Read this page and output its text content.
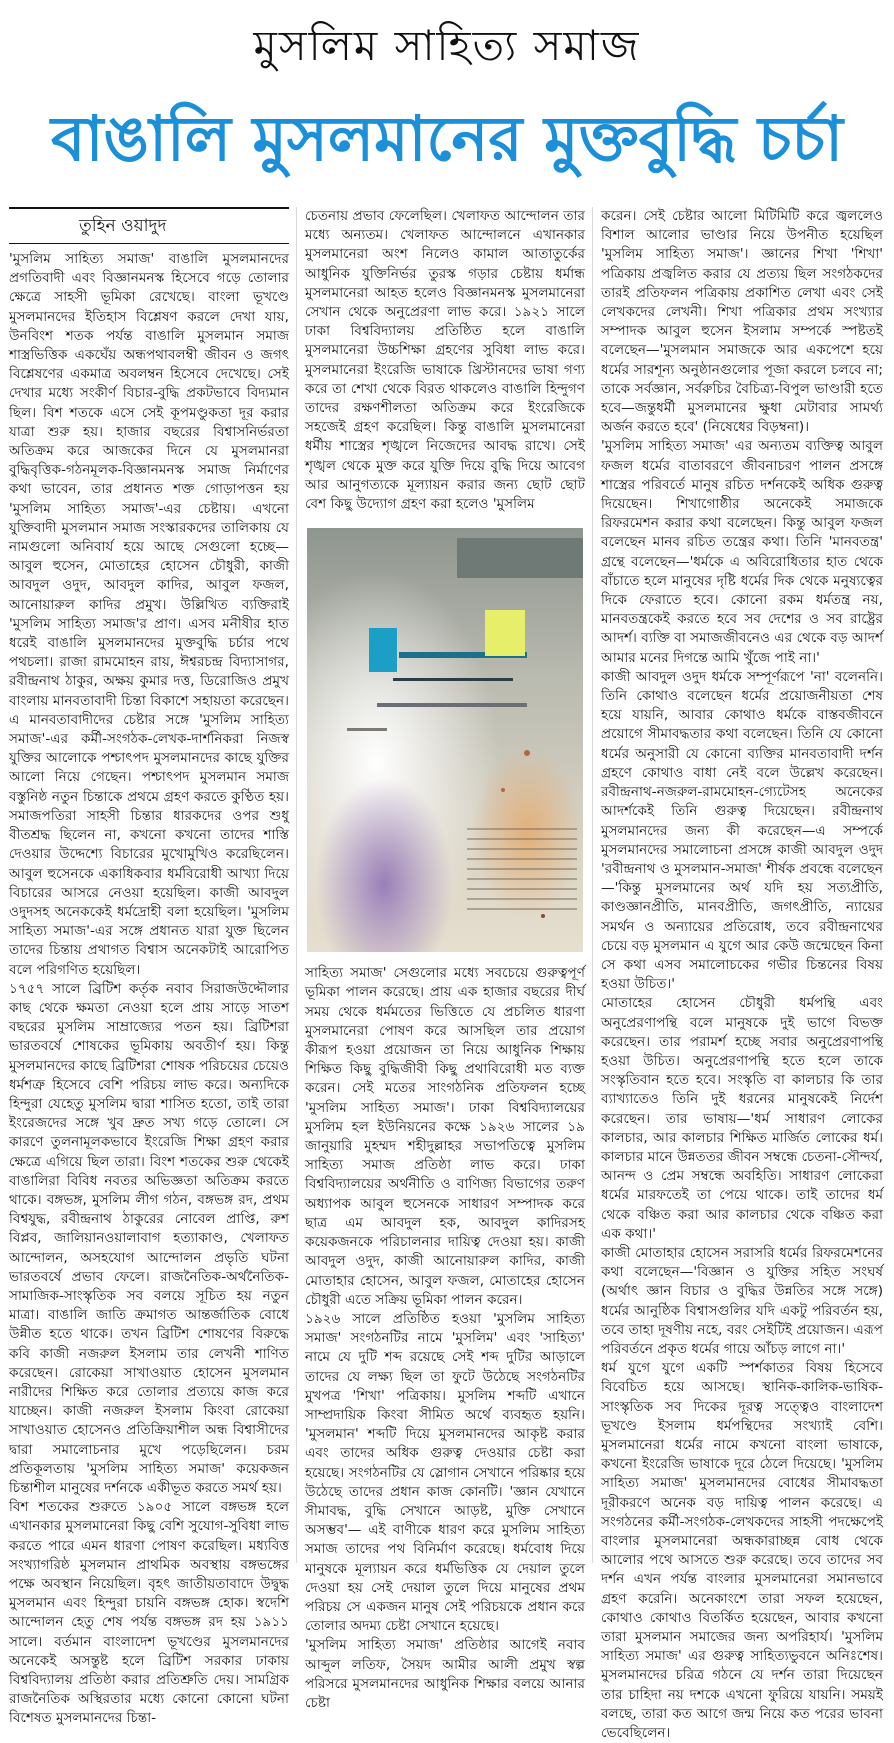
মুসলিম সাহিত্য সমাজ
বাঙালি মুসলমানের মুক্তবুদ্ধি চর্চা
তুহিন ওয়াদুদ

'মুসলিম সাহিত্য সমাজ' বাঙালি মুসলমানদের প্রগতিবাদী এবং বিজ্ঞানমনস্ক হিসেবে গড়ে তোলার ক্ষেত্রে সাহসী ভূমিকা রেখেছে। বাংলা ভূখণ্ডে মুসলমানদের ইতিহাস বিশ্লেষণ করলে দেখা যায়, উনবিংশ শতক পর্যন্ত বাঙালি মুসলমান সমাজ শাস্ত্রভিত্তিক একঘেঁয় অন্ধপথাবলম্বী জীবন ও জগৎ বিশ্লেষণের একমাত্র অবলম্বন হিসেবে দেখেছে। সেই দেখার মধ্যে সংকীর্ণ বিচার-বুদ্ধি প্রকটভাবে বিদ্যমান ছিল। বিশ শতকে এসে সেই কূপমণ্ডুকতা দূর করার যাত্রা শুরু হয়। হাজার বছরের বিশ্বাসনির্ভরতা অতিক্রম করে আজকের দিনে যে মুসলমানরা বুদ্ধিবৃত্তিক-গঠনমূলক-বিজ্ঞানমনস্ক সমাজ নির্মাণের কথা ভাবেন, তার প্রধানত শক্ত গোড়াপত্তন হয় 'মুসলিম সাহিত্য সমাজ'-এর চেষ্টায়। এখনো যুক্তিবাদী মুসলমান সমাজ সংস্কারকদের তালিকায় যে নামগুলো অনিবার্য হয়ে আছে সেগুলো হচ্ছে— আবুল হুসেন, মোতাহের হোসেন চৌধুরী, কাজী আবদুল ওদুদ, আবদুল কাদির, আবুল ফজল, আনোয়ারুল কাদির প্রমুখ। উল্লিখিত ব্যক্তিরাই 'মুসলিম সাহিত্য সমাজ'র প্রাণ। এসব মনীষীর হাত ধরেই বাঙালি মুসলমানদের মুক্তবুদ্ধি চর্চার পথে পথচলা। রাজা রামমোহন রায়, ঈশ্বরচন্দ্র বিদ্যাসাগর, রবীন্দ্রনাথ ঠাকুর, অক্ষয় কুমার দত্ত, ডিরোজিও প্রমুখ বাংলায় মানবতাবাদী চিন্তা বিকাশে সহায়তা করেছেন। এ মানবতাবাদীদের চেষ্টার সঙ্গে 'মুসলিম সাহিত্য সমাজ'-এর কর্মী-সংগঠক-লেখক-দার্শনিকরা নিজস্ব যুক্তির আলোকে পশ্চাৎপদ মুসলমানদের কাছে যুক্তির আলো নিয়ে গেছেন। পশ্চাৎপদ মুসলমান সমাজ বস্তুনিষ্ঠ নতুন চিন্তাকে প্রথমে গ্রহণ করতে কুণ্ঠিত হয়। সমাজপতিরা সাহসী চিন্তার ধারকদের ওপর শুধু বীতশ্রদ্ধ ছিলেন না, কখনো কখনো তাদের শাস্তি দেওয়ার উদ্দেশ্যে বিচারের মুখোমুখিও করেছিলেন। আবুল হুসেনকে একাধিকবার ধর্মবিরোধী আখ্যা দিয়ে বিচারের আসরে নেওয়া হয়েছিল। কাজী আবদুল ওদুদসহ অনেককেই ধর্মদ্রোহী বলা হয়েছিল। 'মুসলিম সাহিত্য সমাজ'-এর সঙ্গে প্রধানত যারা যুক্ত ছিলেন তাদের চিন্তায় প্রথাগত বিশ্বাস অনেকটাই আরোপিত বলে পরিগণিত হয়েছিল।

১৭৫৭ সালে ব্রিটিশ কর্তৃক নবাব সিরাজউদ্দৌলার কাছ থেকে ক্ষমতা নেওয়া হলে প্রায় সাড়ে সাতশ বছরের মুসলিম সাম্রাজ্যের পতন হয়। ব্রিটিশরা ভারতবর্ষে শোষকের ভূমিকায় অবতীর্ণ হয়। কিন্তু মুসলমানদের কাছে ব্রিটিশরা শোষক পরিচয়ের চেয়েও ধর্মশত্রু হিসেবে বেশি পরিচয় লাভ করে। অন্যদিকে হিন্দুরা যেহেতু মুসলিম দ্বারা শাসিত হতো, তাই তারা ইংরেজদের সঙ্গে খুব দ্রুত সখ্য গড়ে তোলে। সে কারণে তুলনামূলকভাবে ইংরেজি শিক্ষা গ্রহণ করার ক্ষেত্রে এগিয়ে ছিল তারা। বিংশ শতকের শুরু থেকেই বাঙালিরা বিবিধ নবতর অভিজ্ঞতা অতিক্রম করতে থাকে। বঙ্গভঙ্গ, মুসলিম লীগ গঠন, বঙ্গভঙ্গ রদ, প্রথম বিশ্বযুদ্ধ, রবীন্দ্রনাথ ঠাকুরের নোবেল প্রাপ্তি, রুশ বিপ্লব, জালিয়ানওয়ালাবাগ হত্যাকাণ্ড, খেলাফত আন্দোলন, অসহযোগ আন্দোলন প্রভৃতি ঘটনা ভারতবর্ষে প্রভাব ফেলে। রাজনৈতিক-অর্থনৈতিক-সামাজিক-সাংস্কৃতিক সব বলয়ে সূচিত হয় নতুন মাত্রা। বাঙালি জাতি ক্রমাগত আন্তর্জাতিক বোধে উন্নীত হতে থাকে। তখন ব্রিটিশ শোষণের বিরুদ্ধে কবি কাজী নজরুল ইসলাম তার লেখনী শাণিত করেছেন। রোকেয়া সাখাওয়াত হোসেন মুসলমান নারীদের শিক্ষিত করে তোলার প্রত্যয়ে কাজ করে যাচ্ছেন। কাজী নজরুল ইসলাম কিংবা রোকেয়া সাখাওয়াত হোসেনও প্রতিক্রিয়াশীল অন্ধ বিশ্বাসীদের দ্বারা সমালোচনার মুখে পড়েছিলেন। চরম প্রতিকূলতায় 'মুসলিম সাহিত্য সমাজ' কয়েকজন চিন্তাশীল মানুষের দর্শনকে একীভূত করতে সমর্থ হয়।

বিশ শতকের শুরুতে ১৯০৫ সালে বঙ্গভঙ্গ হলে এখানকার মুসলমানেরা কিছু বেশি সুযোগ-সুবিধা লাভ করতে পারে এমন ধারণা পোষণ করেছিল। মধ্যবিত্ত সংখ্যাগরিষ্ঠ মুসলমান প্রাথমিক অবস্থায় বঙ্গভঙ্গের পক্ষে অবস্থান নিয়েছিল। বৃহৎ জাতীয়তাবাদে উদ্বুদ্ধ মুসলমান এবং হিন্দুরা চায়নি বঙ্গভঙ্গ হোক। স্বদেশি আন্দোলন হেতু শেষ পর্যন্ত বঙ্গভঙ্গ রদ হয় ১৯১১ সালে। বর্তমান বাংলাদেশ ভূখণ্ডের মুসলমানদের অনেকেই অসন্তুষ্ট হলে ব্রিটিশ সরকার ঢাকায় বিশ্ববিদ্যালয় প্রতিষ্ঠা করার প্রতিশ্রুতি দেয়। সামগ্রিক রাজনৈতিক অস্থিরতার মধ্যে কোনো কোনো ঘটনা বিশেষত মুসলমানদের চিন্তা-

চেতনায় প্রভাব ফেলেছিল। খেলাফত আন্দোলন তার মধ্যে অন্যতম। খেলাফত আন্দোলনে এখানকার মুসলমানেরা অংশ নিলেও কামাল আতাতুর্কের আধুনিক যুক্তিনির্ভর তুরস্ক গড়ার চেষ্টায় ধর্মান্ধ মুসলমানেরা আহত হলেও বিজ্ঞানমনস্ক মুসলমানেরা সেখান থেকে অনুপ্রেরণা লাভ করে। ১৯২১ সালে ঢাকা বিশ্ববিদ্যালয় প্রতিষ্ঠিত হলে বাঙালি মুসলমানেরা উচ্চশিক্ষা গ্রহণের সুবিধা লাভ করে। মুসলমানেরা ইংরেজি ভাষাকে খ্রিস্টানদের ভাষা গণ্য করে তা শেখা থেকে বিরত থাকলেও বাঙালি হিন্দুগণ তাদের রক্ষণশীলতা অতিক্রম করে ইংরেজিকে সহজেই গ্রহণ করেছিল। কিন্তু বাঙালি মুসলমানেরা ধর্মীয় শাস্ত্রের শৃঙ্খলে নিজেদের আবদ্ধ রাখে। সেই শৃঙ্খল থেকে মুক্ত করে যুক্তি দিয়ে বুদ্ধি দিয়ে আবেগ আর আনুগত্যকে মূল্যায়ন করার জন্য ছোট ছোট বেশ কিছু উদ্যোগ গ্রহণ করা হলেও 'মুসলিম

সাহিত্য সমাজ' সেগুলোর মধ্যে সবচেয়ে গুরুত্বপূর্ণ ভূমিকা পালন করেছে। প্রায় এক হাজার বছরের দীর্ঘ সময় থেকে ধর্মমতের ভিত্তিতে যে প্রচলিত ধারণা মুসলমানেরা পোষণ করে আসছিল তার প্রয়োগ কীরূপ হওয়া প্রয়োজন তা নিয়ে আধুনিক শিক্ষায় শিক্ষিত কিছু বুদ্ধিজীবী কিছু প্রথাবিরোধী মত ব্যক্ত করেন। সেই মতের সাংগঠনিক প্রতিফলন হচ্ছে 'মুসলিম সাহিত্য সমাজ'। ঢাকা বিশ্ববিদ্যালয়ের মুসলিম হল ইউনিয়নের কক্ষে ১৯২৬ সালের ১৯ জানুয়ারি মুহম্মদ শহীদুল্লাহর সভাপতিত্বে মুসলিম সাহিত্য সমাজ প্রতিষ্ঠা লাভ করে। ঢাকা বিশ্ববিদ্যালয়ের অর্থনীতি ও বাণিজ্য বিভাগের তরুণ অধ্যাপক আবুল হুসেনকে সাধারণ সম্পাদক করে ছাত্র এম আবদুল হক, আবদুল কাদিরসহ কয়েকজনকে পরিচালনার দায়িত্ব দেওয়া হয়। কাজী আবদুল ওদুদ, কাজী আনোয়ারুল কাদির, কাজী মোতাহার হোসেন, আবুল ফজল, মোতাহের হোসেন চৌধুরী এতে সক্রিয় ভূমিকা পালন করেন।

১৯২৬ সালে প্রতিষ্ঠিত হওয়া 'মুসলিম সাহিত্য সমাজ' সংগঠনটির নামে 'মুসলিম' এবং 'সাহিত্য' নামে যে দুটি শব্দ রয়েছে সেই শব্দ দুটির আড়ালে তাদের যে লক্ষ্য ছিল তা ফুটে উঠেছে সংগঠনটির মুখপত্র 'শিখা' পত্রিকায়। মুসলিম শব্দটি এখানে সাম্প্রদায়িক কিংবা সীমিত অর্থে ব্যবহৃত হয়নি। 'মুসলমান' শব্দটি দিয়ে মুসলমানদের আকৃষ্ট করার এবং তাদের অধিক গুরুত্ব দেওয়ার চেষ্টা করা হয়েছে। সংগঠনটির যে স্লোগান সেখানে পরিষ্কার হয়ে উঠেছে তাদের প্রধান কাজ কোনটি। 'জ্ঞান যেখানে সীমাবদ্ধ, বুদ্ধি সেখানে আড়ষ্ট, মুক্তি সেখানে অসম্ভব'— এই বাণীকে ধারণ করে মুসলিম সাহিত্য সমাজ তাদের পথ বিনির্মাণ করেছে। ধর্মবোধ দিয়ে মানুষকে মূল্যায়ন করে ধর্মভিত্তিক যে দেয়াল তুলে দেওয়া হয় সেই দেয়াল তুলে দিয়ে মানুষের প্রথম পরিচয় সে একজন মানুষ সেই পরিচয়কে প্রধান করে তোলার অদম্য চেষ্টা সেখানে হয়েছে।

'মুসলিম সাহিত্য সমাজ' প্রতিষ্ঠার আগেই নবাব আব্দুল লতিফ, সৈয়দ আমীর আলী প্রমুখ স্বল্প পরিসরে মুসলমানদের আধুনিক শিক্ষার বলয়ে আনার চেষ্টা

করেন। সেই চেষ্টার আলো মিটিমিটি করে জ্বললেও বিশাল আলোর ভাণ্ডার নিয়ে উপনীত হয়েছিল 'মুসলিম সাহিত্য সমাজ'। জ্ঞানের শিখা 'শিখা' পত্রিকায় প্রজ্বলিত করার যে প্রত্যয় ছিল সংগঠকদের তারই প্রতিফলন পত্রিকায় প্রকাশিত লেখা এবং সেই লেখকদের লেখনী। শিখা পত্রিকার প্রথম সংখ্যার সম্পাদক আবুল হুসেন ইসলাম সম্পর্কে স্পষ্টতই বলেছেন—'মুসলমান সমাজকে আর একপেশে হয়ে ধর্মের সারশূন্য অনুষ্ঠানগুলোর পূজা করলে চলবে না; তাকে সর্বজ্ঞান, সর্বরুচির বৈচিত্র্য-বিপুল ভাণ্ডারী হতে হবে—জন্তুধর্মী মুসলমানের ক্ষুধা মেটাবার সামর্থ্য অর্জন করতে হবে' (নিষেধের বিড়ম্বনা)।

'মুসলিম সাহিত্য সমাজ' এর অন্যতম ব্যক্তিত্ব আবুল ফজল ধর্মের বাতাবরণে জীবনাচরণ পালন প্রসঙ্গে শাস্ত্রের পরিবর্তে মানুষ রচিত দর্শনকেই অধিক গুরুত্ব দিয়েছেন। শিখাগোষ্ঠীর অনেকেই সমাজকে রিফরমেশন করার কথা বলেছেন। কিন্তু আবুল ফজল বলেছেন মানব রচিত তন্ত্রের কথা। তিনি 'মানবতন্ত্র' গ্রন্থে বলেছেন—'ধর্মকে এ অবিরোধিতার হাত থেকে বাঁচাতে হলে মানুষের দৃষ্টি ধর্মের দিক থেকে মনুষ্যত্বের দিকে ফেরাতে হবে। কোনো রকম ধর্মতন্ত্র নয়, মানবতন্ত্রকেই করতে হবে সব দেশের ও সব রাষ্ট্রের আদর্শ। ব্যক্তি বা সমাজজীবনেও এর থেকে বড় আদর্শ আমার মনের দিগন্তে আমি খুঁজে পাই না।'

কাজী আবদুল ওদুদ ধর্মকে সম্পূর্ণরূপে 'না' বলেননি। তিনি কোথাও বলেছেন ধর্মের প্রয়োজনীয়তা শেষ হয়ে যায়নি, আবার কোথাও ধর্মকে বাস্তবজীবনে প্রয়োগে সীমাবদ্ধতার কথা বলেছেন। তিনি যে কোনো ধর্মের অনুসারী যে কোনো ব্যক্তির মানবতাবাদী দর্শন গ্রহণে কোথাও বাধা নেই বলে উল্লেখ করেছেন। রবীন্দ্রনাথ-নজরুল-রামমোহন-গ্যেটেসহ অনেকের আদর্শকেই তিনি গুরুত্ব দিয়েছেন। রবীন্দ্রনাথ মুসলমানদের জন্য কী করেছেন—এ সম্পর্কে মুসলমানদের সমালোচনা প্রসঙ্গে কাজী আবদুল ওদুদ 'রবীন্দ্রনাথ ও মুসলমান-সমাজ' শীর্ষক প্রবন্ধে বলেছেন—'কিন্তু মুসলমানের অর্থ যদি হয় সত্যপ্রীতি, কাণ্ডজ্ঞানপ্রীতি, মানবপ্রীতি, জগৎপ্রীতি, ন্যায়ের সমর্থন ও অন্যায়ের প্রতিরোধ, তবে রবীন্দ্রনাথের চেয়ে বড় মুসলমান এ যুগে আর কেউ জন্মেছেন কিনা সে কথা এসব সমালোচকের গভীর চিন্তনের বিষয় হওয়া উচিত।'

মোতাহের হোসেন চৌধুরী ধর্মপন্থি এবং অনুপ্রেরণাপন্থি বলে মানুষকে দুই ভাগে বিভক্ত করেছেন। তার পরামর্শ হচ্ছে সবার অনুপ্রেরণাপন্থি হওয়া উচিত। অনুপ্রেরণাপন্থি হতে হলে তাকে সংস্কৃতিবান হতে হবে। সংস্কৃতি বা কালচার কি তার ব্যাখ্যাতেও তিনি দুই ধরনের মানুষকেই নির্দেশ করেছেন। তার ভাষায়—'ধর্ম সাধারণ লোকের কালচার, আর কালচার শিক্ষিত মার্জিত লোকের ধর্ম। কালচার মানে উন্নততর জীবন সম্বন্ধে চেতনা-সৌন্দর্য, আনন্দ ও প্রেম সম্বন্ধে অবহিতি। সাধারণ লোকেরা ধর্মের মারফতেই তা পেয়ে থাকে। তাই তাদের ধর্ম থেকে বঞ্চিত করা আর কালচার থেকে বঞ্চিত করা এক কথা।'

কাজী মোতাহার হোসেন সরাসরি ধর্মের রিফরমেশনের কথা বলেছেন—'বিজ্ঞান ও যুক্তির সহিত সংঘর্ষ (অর্থাৎ জ্ঞান বিচার ও বুদ্ধির উন্নতির সঙ্গে সঙ্গে) ধর্মের আনুষ্ঠিক বিশ্বাসগুলির যদি একটু পরিবর্তন হয়, তবে তাহা দূষণীয় নহে, বরং সেইটিই প্রয়োজন। এরূপ পরিবর্তনে প্রকৃত ধর্মের গায়ে আঁচড় লাগে না।'

ধর্ম যুগে যুগে একটি স্পর্শকাতর বিষয় হিসেবে বিবেচিত হয়ে আসছে। স্থানিক-কালিক-ভাষিক-সাংস্কৃতিক সব দিকের দূরত্ব সত্ত্বেও বাংলাদেশ ভূখণ্ডে ইসলাম ধর্মপন্থিদের সংখ্যাই বেশি। মুসলমানেরা ধর্মের নামে কখনো বাংলা ভাষাকে, কখনো ইংরেজি ভাষাকে দূরে ঠেলে দিয়েছে। 'মুসলিম সাহিত্য সমাজ' মুসলমানদের বোধের সীমাবদ্ধতা দূরীকরণে অনেক বড় দায়িত্ব পালন করেছে। এ সংগঠনের কর্মী-সংগঠক-লেখকদের সাহসী পদক্ষেপেই বাংলার মুসলমানেরা অন্ধকারাচ্ছন্ন বোধ থেকে আলোর পথে আসতে শুরু করেছে। তবে তাদের সব দর্শন এখন পর্যন্ত বাংলার মুসলমানেরা সমানভাবে গ্রহণ করেনি। অনেকাংশে তারা সফল হয়েছেন, কোথাও কোথাও বিতর্কিত হয়েছেন, আবার কখনো তারা মুসলমান সমাজের জন্য অপরিহার্য। 'মুসলিম সাহিত্য সমাজ' এর গুরুত্ব সাহিত্যভুবনে অনিঃশেষ। মুসলমানদের চরিত্র গঠনে যে দর্শন তারা দিয়েছেন তার চাহিদা নয় দশকে এখনো ফুরিয়ে যায়নি। সময়ই বলছে, তারা কত আগে জন্ম নিয়ে কত পরের ভাবনা ভেবেছিলেন।
